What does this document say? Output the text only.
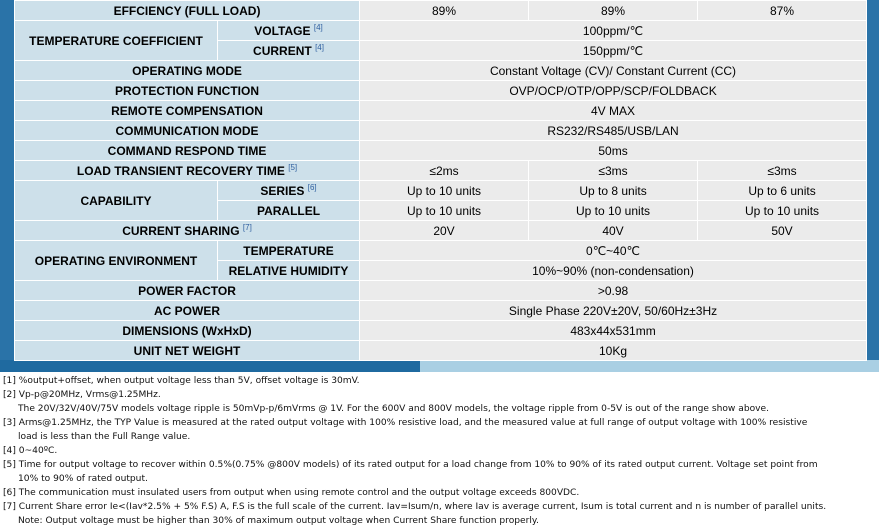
EFFCIENCY (FULL LOAD)		89%	89%	87%
TEMPERATURE COEFFICIENT	VOLTAGE [4]	100ppm/℃		
	CURRENT [4]	150ppm/℃		
OPERATING MODE		Constant Voltage (CV)/ Constant Current (CC)		
PROTECTION FUNCTION		OVP/OCP/OTP/OPP/SCP/FOLDBACK		
REMOTE COMPENSATION		4V MAX		
COMMUNICATION MODE		RS232/RS485/USB/LAN		
COMMAND RESPOND TIME		50ms		
LOAD TRANSIENT RECOVERY TIME [5]		≤2ms	≤3ms	≤3ms
CAPABILITY	SERIES [6]	Up to 10 units	Up to 8 units	Up to 6 units
	PARALLEL	Up to 10 units	Up to 10 units	Up to 10 units
CURRENT SHARING [7]		20V	40V	50V
OPERATING ENVIRONMENT	TEMPERATURE	0℃~40℃		
	RELATIVE HUMIDITY	10%~90% (non-condensation)		
POWER FACTOR		>0.98		
AC POWER		Single Phase 220V±20V, 50/60Hz±3Hz		
DIMENSIONS (WxHxD)		483x44x531mm		
UNIT NET WEIGHT		10Kg		
[1] %output+offset, when output voltage less than 5V, offset voltage is 30mV.
[2] Vp-p@20MHz, Vrms@1.25MHz.
The 20V/32V/40V/75V models voltage ripple is 50mVp-p/6mVrms @ 1V. For the 600V and 800V models, the voltage ripple from 0-5V is out of the range show above.
[3] Arms@1.25MHz, the TYP Value is measured at the rated output voltage with 100% resistive load, and the measured value at full range of output voltage with 100% resistive
load is less than the Full Range value.
[4] 0~40ºC.
[5] Time for output voltage to recover within 0.5%(0.75% @800V models) of its rated output for a load change from 10% to 90% of its rated output current. Voltage set point from
10% to 90% of rated output.
[6] The communication must insulated users from output when using remote control and the output voltage exceeds 800VDC.
[7] Current Share error Ie<(Iav*2.5% + 5% F.S) A, F.S is the full scale of the current. Iav=Isum/n, where Iav is average current, Isum is total current and n is number of parallel units.
Note: Output voltage must be higher than 30% of maximum output voltage when Current Share function properly.
